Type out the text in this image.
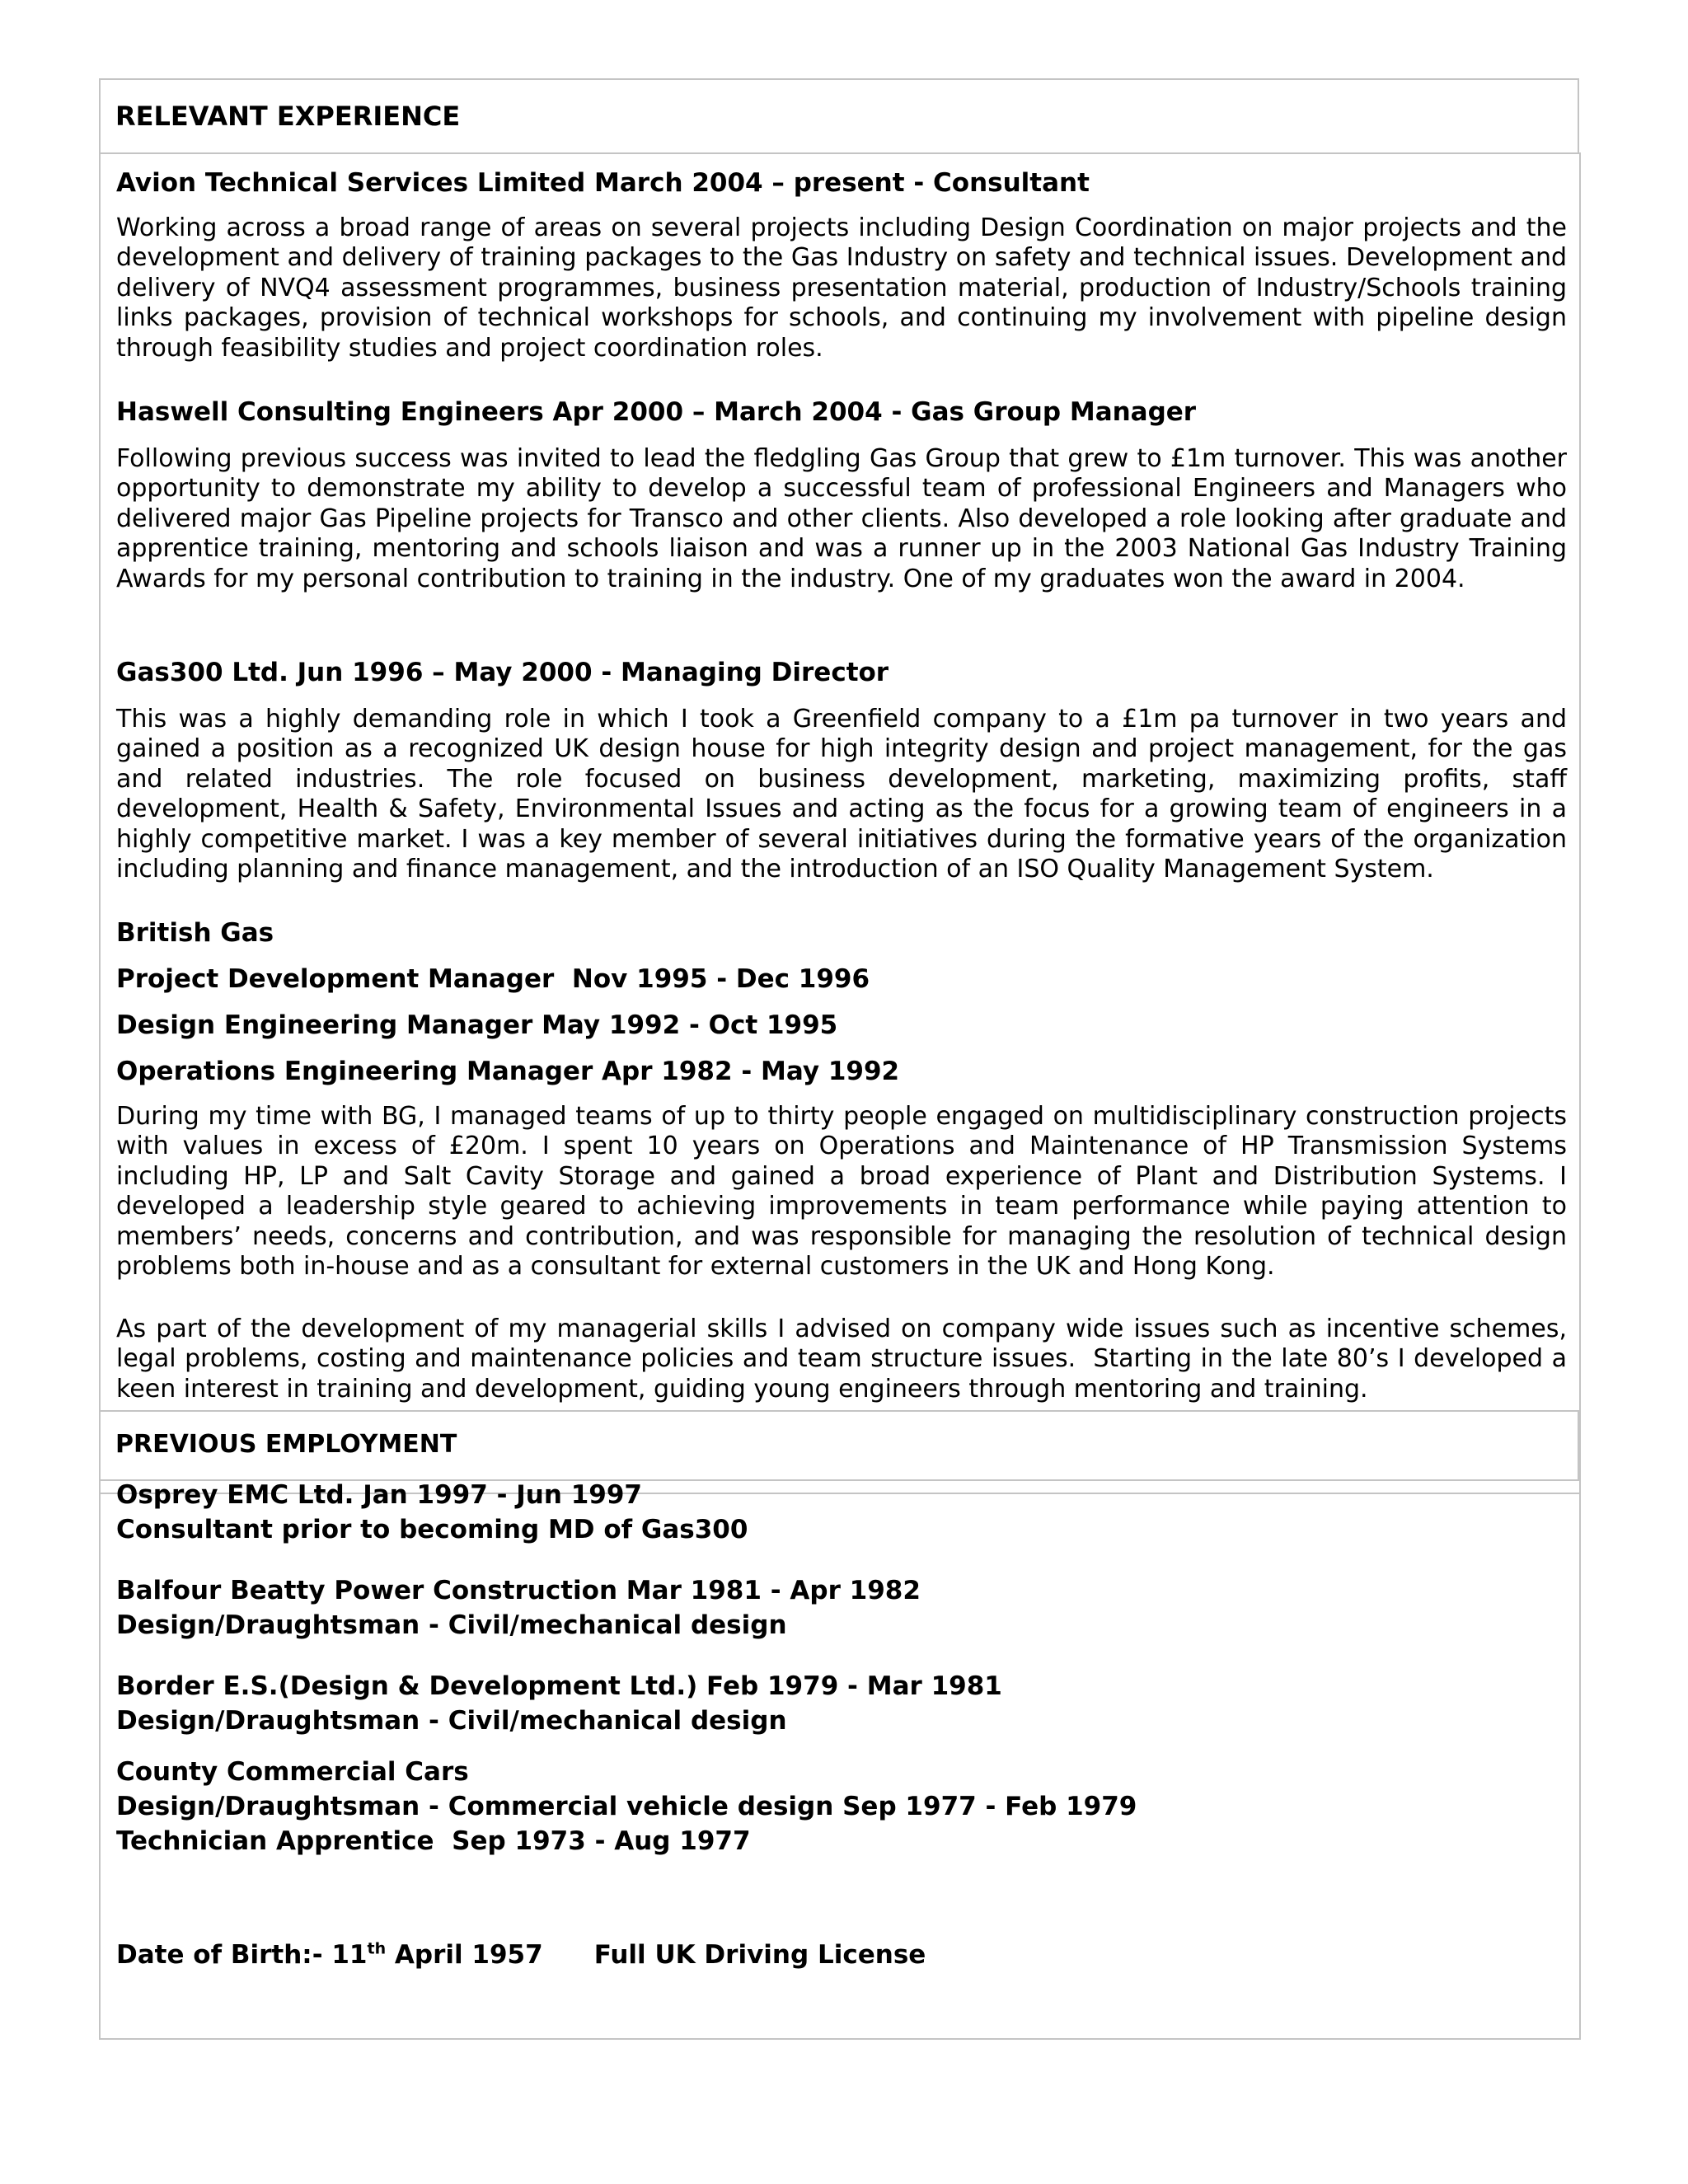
RELEVANT EXPERIENCE

Avion Technical Services Limited March 2004 – present - Consultant

Working across a broad range of areas on several projects including Design Coordination on major projects and the development and delivery of training packages to the Gas Industry on safety and technical issues. Development and delivery of NVQ4 assessment programmes, business presentation material, production of Industry/Schools training links packages, provision of technical workshops for schools, and continuing my involvement with pipeline design through feasibility studies and project coordination roles.

Haswell Consulting Engineers Apr 2000 – March 2004 - Gas Group Manager

Following previous success was invited to lead the fledgling Gas Group that grew to £1m turnover. This was another opportunity to demonstrate my ability to develop a successful team of professional Engineers and Managers who delivered major Gas Pipeline projects for Transco and other clients. Also developed a role looking after graduate and apprentice training, mentoring and schools liaison and was a runner up in the 2003 National Gas Industry Training Awards for my personal contribution to training in the industry. One of my graduates won the award in 2004.

Gas300 Ltd. Jun 1996 – May 2000 - Managing Director

This was a highly demanding role in which I took a Greenfield company to a £1m pa turnover in two years and gained a position as a recognized UK design house for high integrity design and project management, for the gas and related industries. The role focused on business development, marketing, maximizing profits, staff development, Health & Safety, Environmental Issues and acting as the focus for a growing team of engineers in a highly competitive market. I was a key member of several initiatives during the formative years of the organization including planning and finance management, and the introduction of an ISO Quality Management System.

British Gas

Project Development Manager  Nov 1995 - Dec 1996

Design Engineering Manager May 1992 - Oct 1995

Operations Engineering Manager Apr 1982 - May 1992

During my time with BG, I managed teams of up to thirty people engaged on multidisciplinary construction projects with values in excess of £20m. I spent 10 years on Operations and Maintenance of HP Transmission Systems including HP, LP and Salt Cavity Storage and gained a broad experience of Plant and Distribution Systems. I developed a leadership style geared to achieving improvements in team performance while paying attention to members’ needs, concerns and contribution, and was responsible for managing the resolution of technical design problems both in-house and as a consultant for external customers in the UK and Hong Kong.

As part of the development of my managerial skills I advised on company wide issues such as incentive schemes, legal problems, costing and maintenance policies and team structure issues.  Starting in the late 80’s I developed a keen interest in training and development, guiding young engineers through mentoring and training.

PREVIOUS EMPLOYMENT

Osprey EMC Ltd. Jan 1997 - Jun 1997

Consultant prior to becoming MD of Gas300

Balfour Beatty Power Construction Mar 1981 - Apr 1982

Design/Draughtsman - Civil/mechanical design

Border E.S.(Design & Development Ltd.) Feb 1979 - Mar 1981

Design/Draughtsman - Civil/mechanical design

County Commercial Cars

Design/Draughtsman - Commercial vehicle design Sep 1977 - Feb 1979

Technician Apprentice  Sep 1973 - Aug 1977

Date of Birth:- 11th April 1957 Full UK Driving License
